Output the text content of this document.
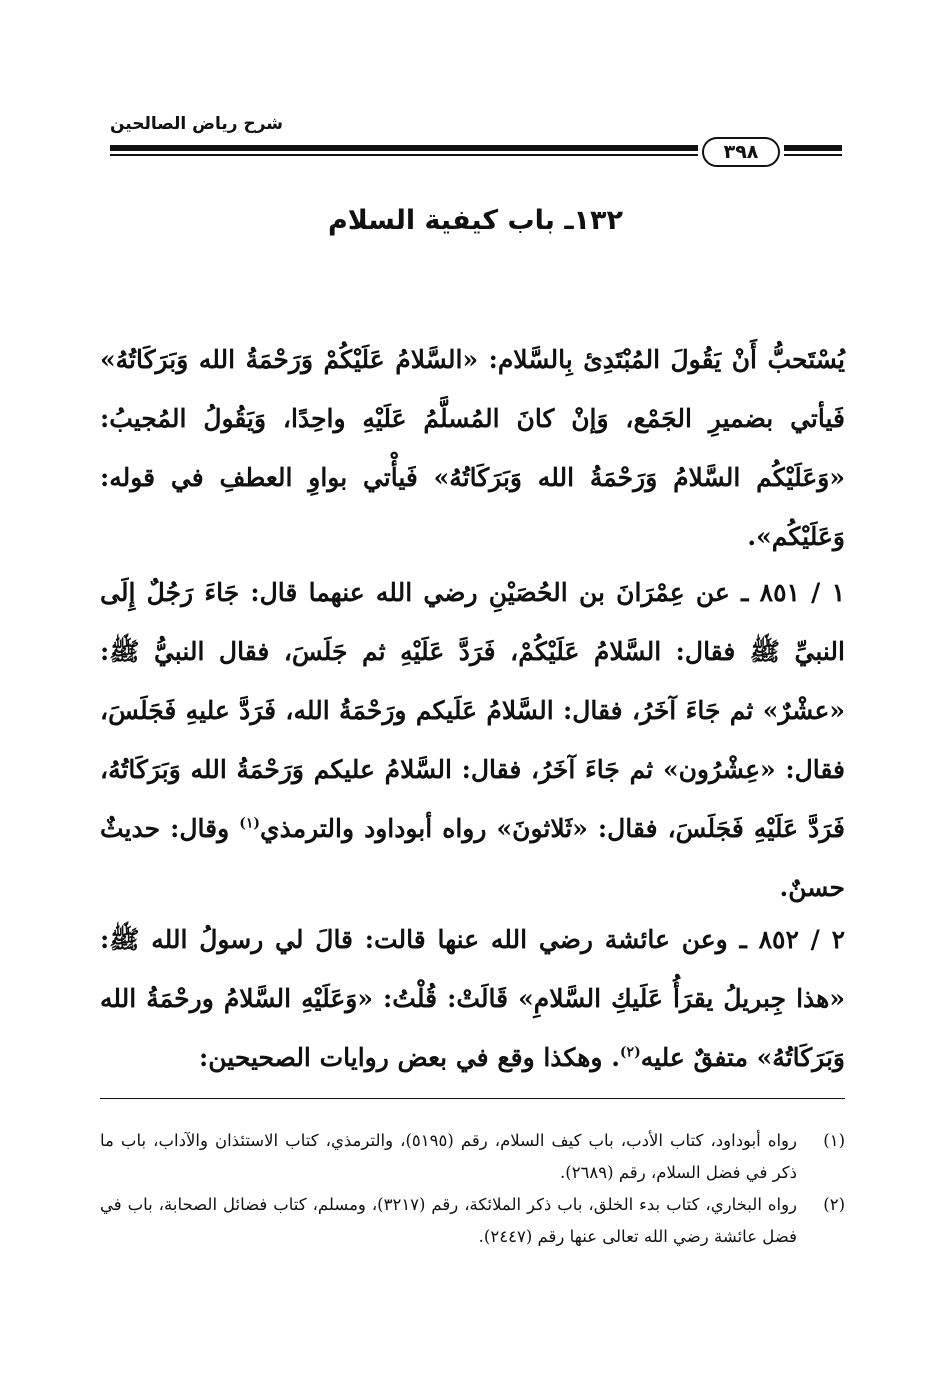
شرح رياض الصالحين
٣٩٨
١٣٢ـ باب كيفية السلام
يُسْتَحبُّ أَنْ يَقُولَ المُبْتَدِئ بِالسَّلام: «السَّلامُ عَلَيْكُمْ وَرَحْمَةُ الله وَبَرَكَاتُهُ» فَيأتي بضميرِ الجَمْع، وَإنْ كانَ المُسلَّمُ عَلَيْهِ واحِدًا، وَيَقُولُ المُجيبُ: «وَعَلَيْكُم السَّلامُ وَرَحْمَةُ الله وَبَرَكَاتُهُ» فَيأْتي بواوِ العطفِ في قوله: وَعَلَيْكُم».
١ / ٨٥١ ـ عن عِمْرَانَ بن الحُصَيْنِ رضي الله عنهما قال: جَاءَ رَجُلٌ إِلَى النبيِّ ﷺ فقال: السَّلامُ عَلَيْكُمْ، فَرَدَّ عَلَيْهِ ثم جَلَسَ، فقال النبيُّ ﷺ: «عشْرٌ» ثم جَاءَ آخَرُ، فقال: السَّلامُ عَلَيكم ورَحْمَةُ الله، فَرَدَّ عليهِ فَجَلَسَ، فقال: «عِشْرُون» ثم جَاءَ آخَرُ، فقال: السَّلامُ عليكم وَرَحْمَةُ الله وَبَرَكَاتُهُ، فَرَدَّ عَلَيْهِ فَجَلَسَ، فقال: «ثَلاثونَ» رواه أبوداود والترمذي$^{(١)}$ وقال: حديثٌ حسنٌ.
٢ / ٨٥٢ ـ وعن عائشة رضي الله عنها قالت: قالَ لي رسولُ الله ﷺ: «هذا جِبريلُ يقرَأُ عَلَيكِ السَّلامِ» قَالَتْ: قُلْتُ: «وَعَلَيْهِ السَّلامُ ورحْمَةُ الله وَبَرَكَاتُهُ» متفقٌ عليه$^{(٢)}$. وهكذا وقع في بعض روايات الصحيحين:
(١)
رواه أبوداود، كتاب الأدب، باب كيف السلام، رقم (٥١٩٥)، والترمذي، كتاب الاستئذان والآداب، باب ما ذكر في فضل السلام، رقم (٢٦٨٩).
(٢)
رواه البخاري، كتاب بدء الخلق، باب ذكر الملائكة، رقم (٣٢١٧)، ومسلم، كتاب فضائل الصحابة، باب في فضل عائشة رضي الله تعالى عنها رقم (٢٤٤٧).
